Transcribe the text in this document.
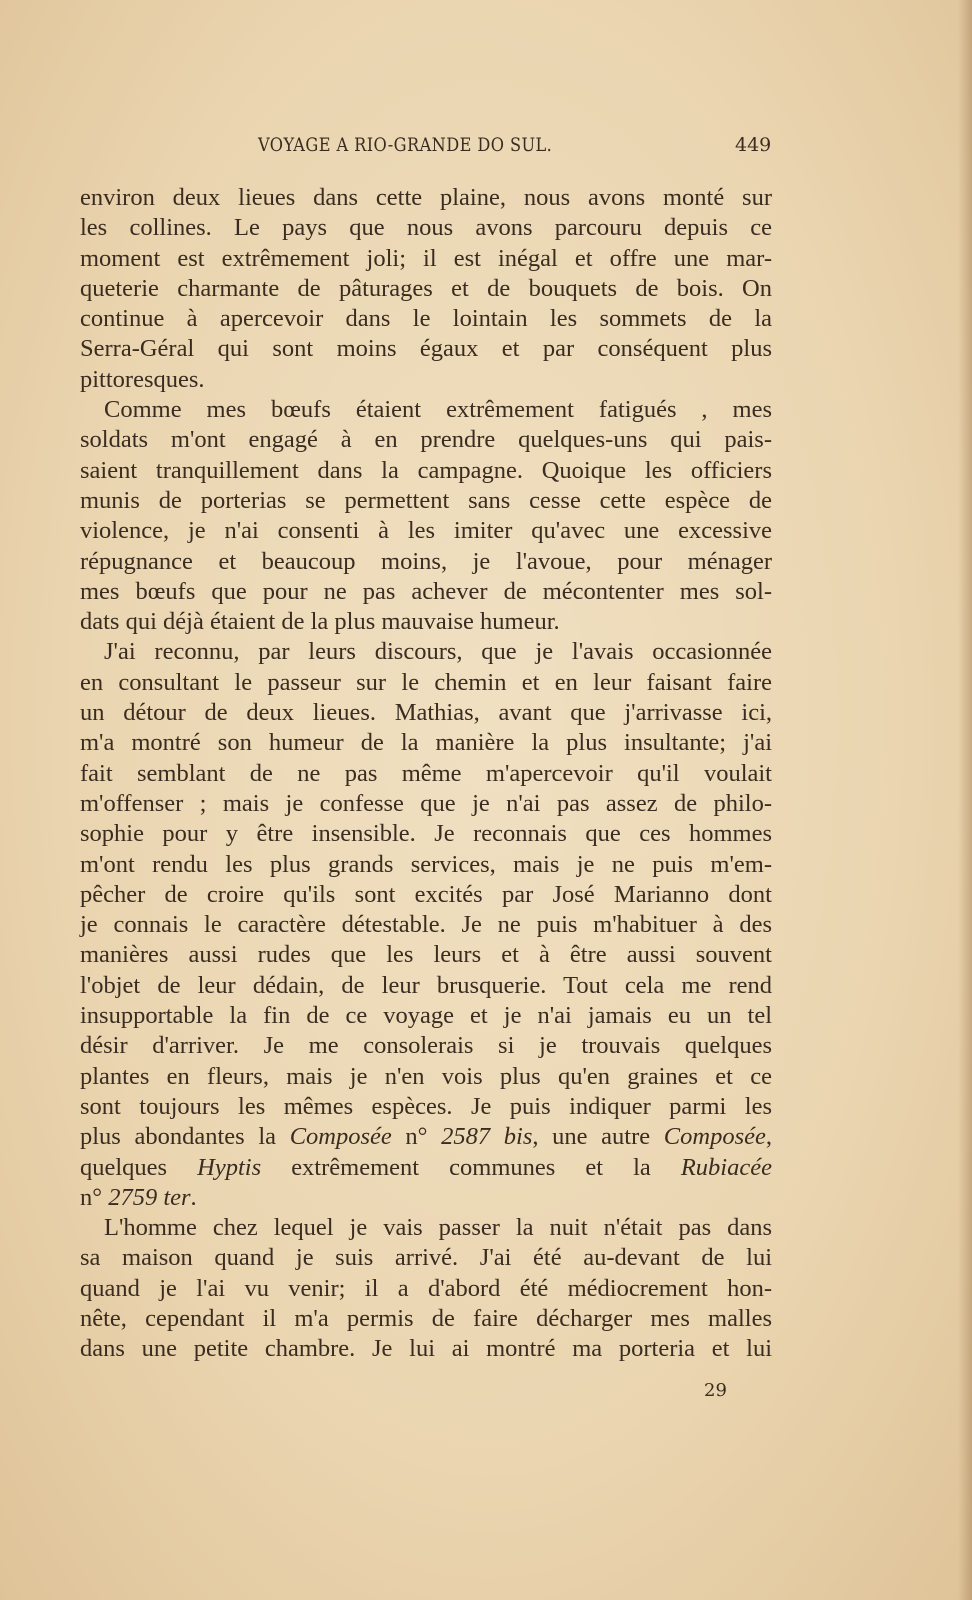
VOYAGE A RIO-GRANDE DO SUL.	449
environ deux lieues dans cette plaine, nous avons monté sur
les collines. Le pays que nous avons parcouru depuis ce
moment est extrêmement joli; il est inégal et offre une mar-
queterie charmante de pâturages et de bouquets de bois. On
continue à apercevoir dans le lointain les sommets de la
Serra-Géral qui sont moins égaux et par conséquent plus
pittoresques.
Comme mes bœufs étaient extrêmement fatigués , mes
soldats m'ont engagé à en prendre quelques-uns qui pais-
saient tranquillement dans la campagne. Quoique les officiers
munis de porterias se permettent sans cesse cette espèce de
violence, je n'ai consenti à les imiter qu'avec une excessive
répugnance et beaucoup moins, je l'avoue, pour ménager
mes bœufs que pour ne pas achever de mécontenter mes sol-
dats qui déjà étaient de la plus mauvaise humeur.
J'ai reconnu, par leurs discours, que je l'avais occasionnée
en consultant le passeur sur le chemin et en leur faisant faire
un détour de deux lieues. Mathias, avant que j'arrivasse ici,
m'a montré son humeur de la manière la plus insultante; j'ai
fait semblant de ne pas même m'apercevoir qu'il voulait
m'offenser ; mais je confesse que je n'ai pas assez de philo-
sophie pour y être insensible. Je reconnais que ces hommes
m'ont rendu les plus grands services, mais je ne puis m'em-
pêcher de croire qu'ils sont excités par José Marianno dont
je connais le caractère détestable. Je ne puis m'habituer à des
manières aussi rudes que les leurs et à être aussi souvent
l'objet de leur dédain, de leur brusquerie. Tout cela me rend
insupportable la fin de ce voyage et je n'ai jamais eu un tel
désir d'arriver. Je me consolerais si je trouvais quelques
plantes en fleurs, mais je n'en vois plus qu'en graines et ce
sont toujours les mêmes espèces. Je puis indiquer parmi les
plus abondantes la Composée n° 2587 bis, une autre Composée,
quelques Hyptis extrêmement communes et la Rubiacée
n° 2759 ter.
L'homme chez lequel je vais passer la nuit n'était pas dans
sa maison quand je suis arrivé. J'ai été au-devant de lui
quand je l'ai vu venir; il a d'abord été médiocrement hon-
nête, cependant il m'a permis de faire décharger mes malles
dans une petite chambre. Je lui ai montré ma porteria et lui
29
